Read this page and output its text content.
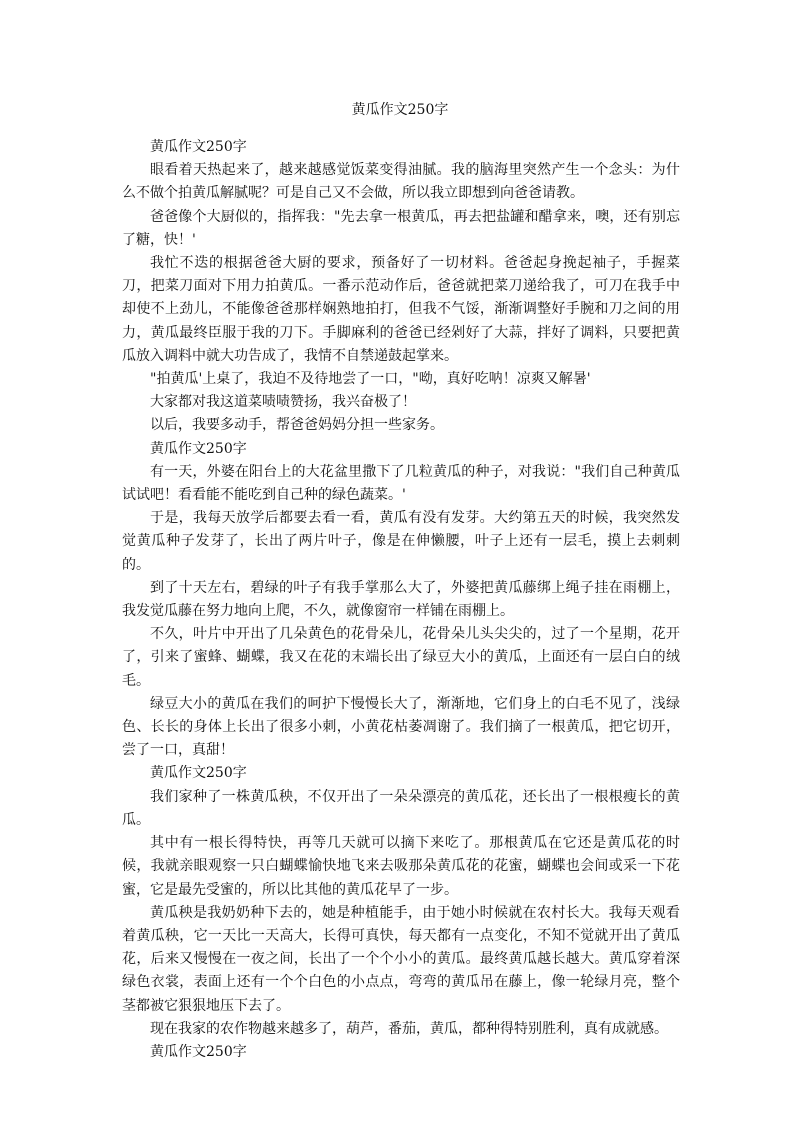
黄瓜作文250字

黄瓜作文250字

眼看着天热起来了，越来越感觉饭菜变得油腻。我的脑海里突然产生一个念头：为什么不做个拍黄瓜解腻呢？可是自己又不会做，所以我立即想到向爸爸请教。

爸爸像个大厨似的，指挥我："先去拿一根黄瓜，再去把盐罐和醋拿来，噢，还有别忘了糖，快！'

我忙不迭的根据爸爸大厨的要求，预备好了一切材料。爸爸起身挽起袖子，手握菜刀，把菜刀面对下用力拍黄瓜。一番示范动作后，爸爸就把菜刀递给我了，可刀在我手中却使不上劲儿，不能像爸爸那样娴熟地拍打，但我不气馁，渐渐调整好手腕和刀之间的用力，黄瓜最终臣服于我的刀下。手脚麻利的爸爸已经剁好了大蒜，拌好了调料，只要把黄瓜放入调料中就大功告成了，我情不自禁递鼓起掌来。

"拍黄瓜'上桌了，我迫不及待地尝了一口，"呦，真好吃呐！凉爽又解暑'

大家都对我这道菜啧啧赞扬，我兴奋极了！

以后，我要多动手，帮爸爸妈妈分担一些家务。

黄瓜作文250字

有一天，外婆在阳台上的大花盆里撒下了几粒黄瓜的种子，对我说："我们自己种黄瓜试试吧！看看能不能吃到自己种的绿色蔬菜。'

于是，我每天放学后都要去看一看，黄瓜有没有发芽。大约第五天的时候，我突然发觉黄瓜种子发芽了，长出了两片叶子，像是在伸懒腰，叶子上还有一层毛，摸上去刺刺的。

到了十天左右，碧绿的叶子有我手掌那么大了，外婆把黄瓜藤绑上绳子挂在雨棚上，我发觉瓜藤在努力地向上爬，不久，就像窗帘一样铺在雨棚上。

不久，叶片中开出了几朵黄色的花骨朵儿，花骨朵儿头尖尖的，过了一个星期，花开了，引来了蜜蜂、蝴蝶，我又在花的末端长出了绿豆大小的黄瓜，上面还有一层白白的绒毛。

绿豆大小的黄瓜在我们的呵护下慢慢长大了，渐渐地，它们身上的白毛不见了，浅绿色、长长的身体上长出了很多小刺，小黄花枯萎凋谢了。我们摘了一根黄瓜，把它切开，尝了一口，真甜！

黄瓜作文250字

我们家种了一株黄瓜秧，不仅开出了一朵朵漂亮的黄瓜花，还长出了一根根瘦长的黄瓜。

其中有一根长得特快，再等几天就可以摘下来吃了。那根黄瓜在它还是黄瓜花的时候，我就亲眼观察一只白蝴蝶愉快地飞来去吸那朵黄瓜花的花蜜，蝴蝶也会间或采一下花蜜，它是最先受蜜的，所以比其他的黄瓜花早了一步。

黄瓜秧是我奶奶种下去的，她是种植能手，由于她小时候就在农村长大。我每天观看着黄瓜秧，它一天比一天高大，长得可真快，每天都有一点变化，不知不觉就开出了黄瓜花，后来又慢慢在一夜之间，长出了一个个小小的黄瓜。最终黄瓜越长越大。黄瓜穿着深绿色衣裳，表面上还有一个个白色的小点点，弯弯的黄瓜吊在藤上，像一轮绿月亮，整个茎都被它狠狠地压下去了。

现在我家的农作物越来越多了，葫芦，番茄，黄瓜，都种得特别胜利，真有成就感。

黄瓜作文250字
